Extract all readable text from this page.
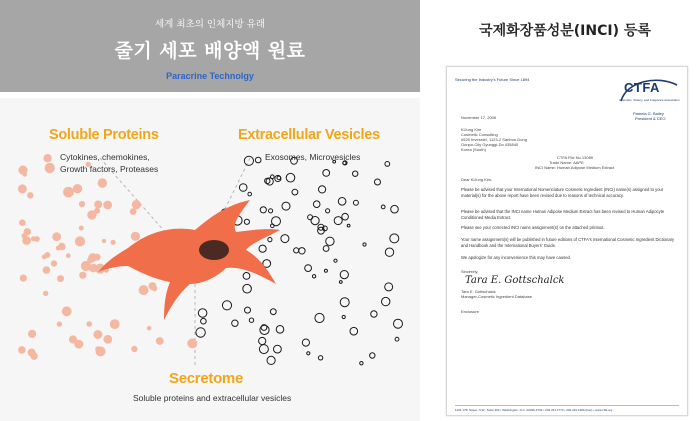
세계 최초의 인체지방 유래
줄기 세포 배양액 원료
Paracrine Technolgy
Soluble Proteins
Cytokines, chemokines,
Growth factors, Proteases
Extracellular Vesicles
Exosomes, Microvesicles
Secretome
Soluble proteins and extracellular vesicles
국제화장품성분(INCI) 등록
Securing the Industry's Future Since 1894
CTFA
Cosmetic, Toiletry, and Fragrance Association
Pamela G. Bailey
President & CEO
November 17, 2006
KiJung Kim
Cosmetic Consulting
#529 Invesstel, 1123-2 Sanbon-Dong
Gunpo-City Gyunggi-Do 435840
Korea (South)
CTFA File No.13089
Trade Name: AAPE
INCI Name: Human Adipose Medium Extract
Dear KiJung Kim,
Please be advised that your International Nomenclature Cosmetic Ingredient (INCI) name(s) assigned to your material(s) for the above report have been revised due to reasons of technical accuracy.
Please be advised that the INCI name Human Adipose Medium Extract has been revised to Human Adipocyte Conditioned Media Extract.
Please see your corrected INCI name assignment(s) on the attached printout.
Your name assignment(s) will be published in future editions of CTFA's International Cosmetic Ingredient Dictionary and Handbook and the International Buyers' Guide.
We apologize for any inconvenience this may have caused.
Sincerely,
Tara E. Gottschalck
Tara E. Gottschalck
Manager-Cosmetic Ingredient Database
Enclosure
1101 17th Street, N.W., Suite 300 • Washington, D.C. 20036-4702 • 202.331.1770 • 202.331.1969 (Fax) • www.ctfa.org
